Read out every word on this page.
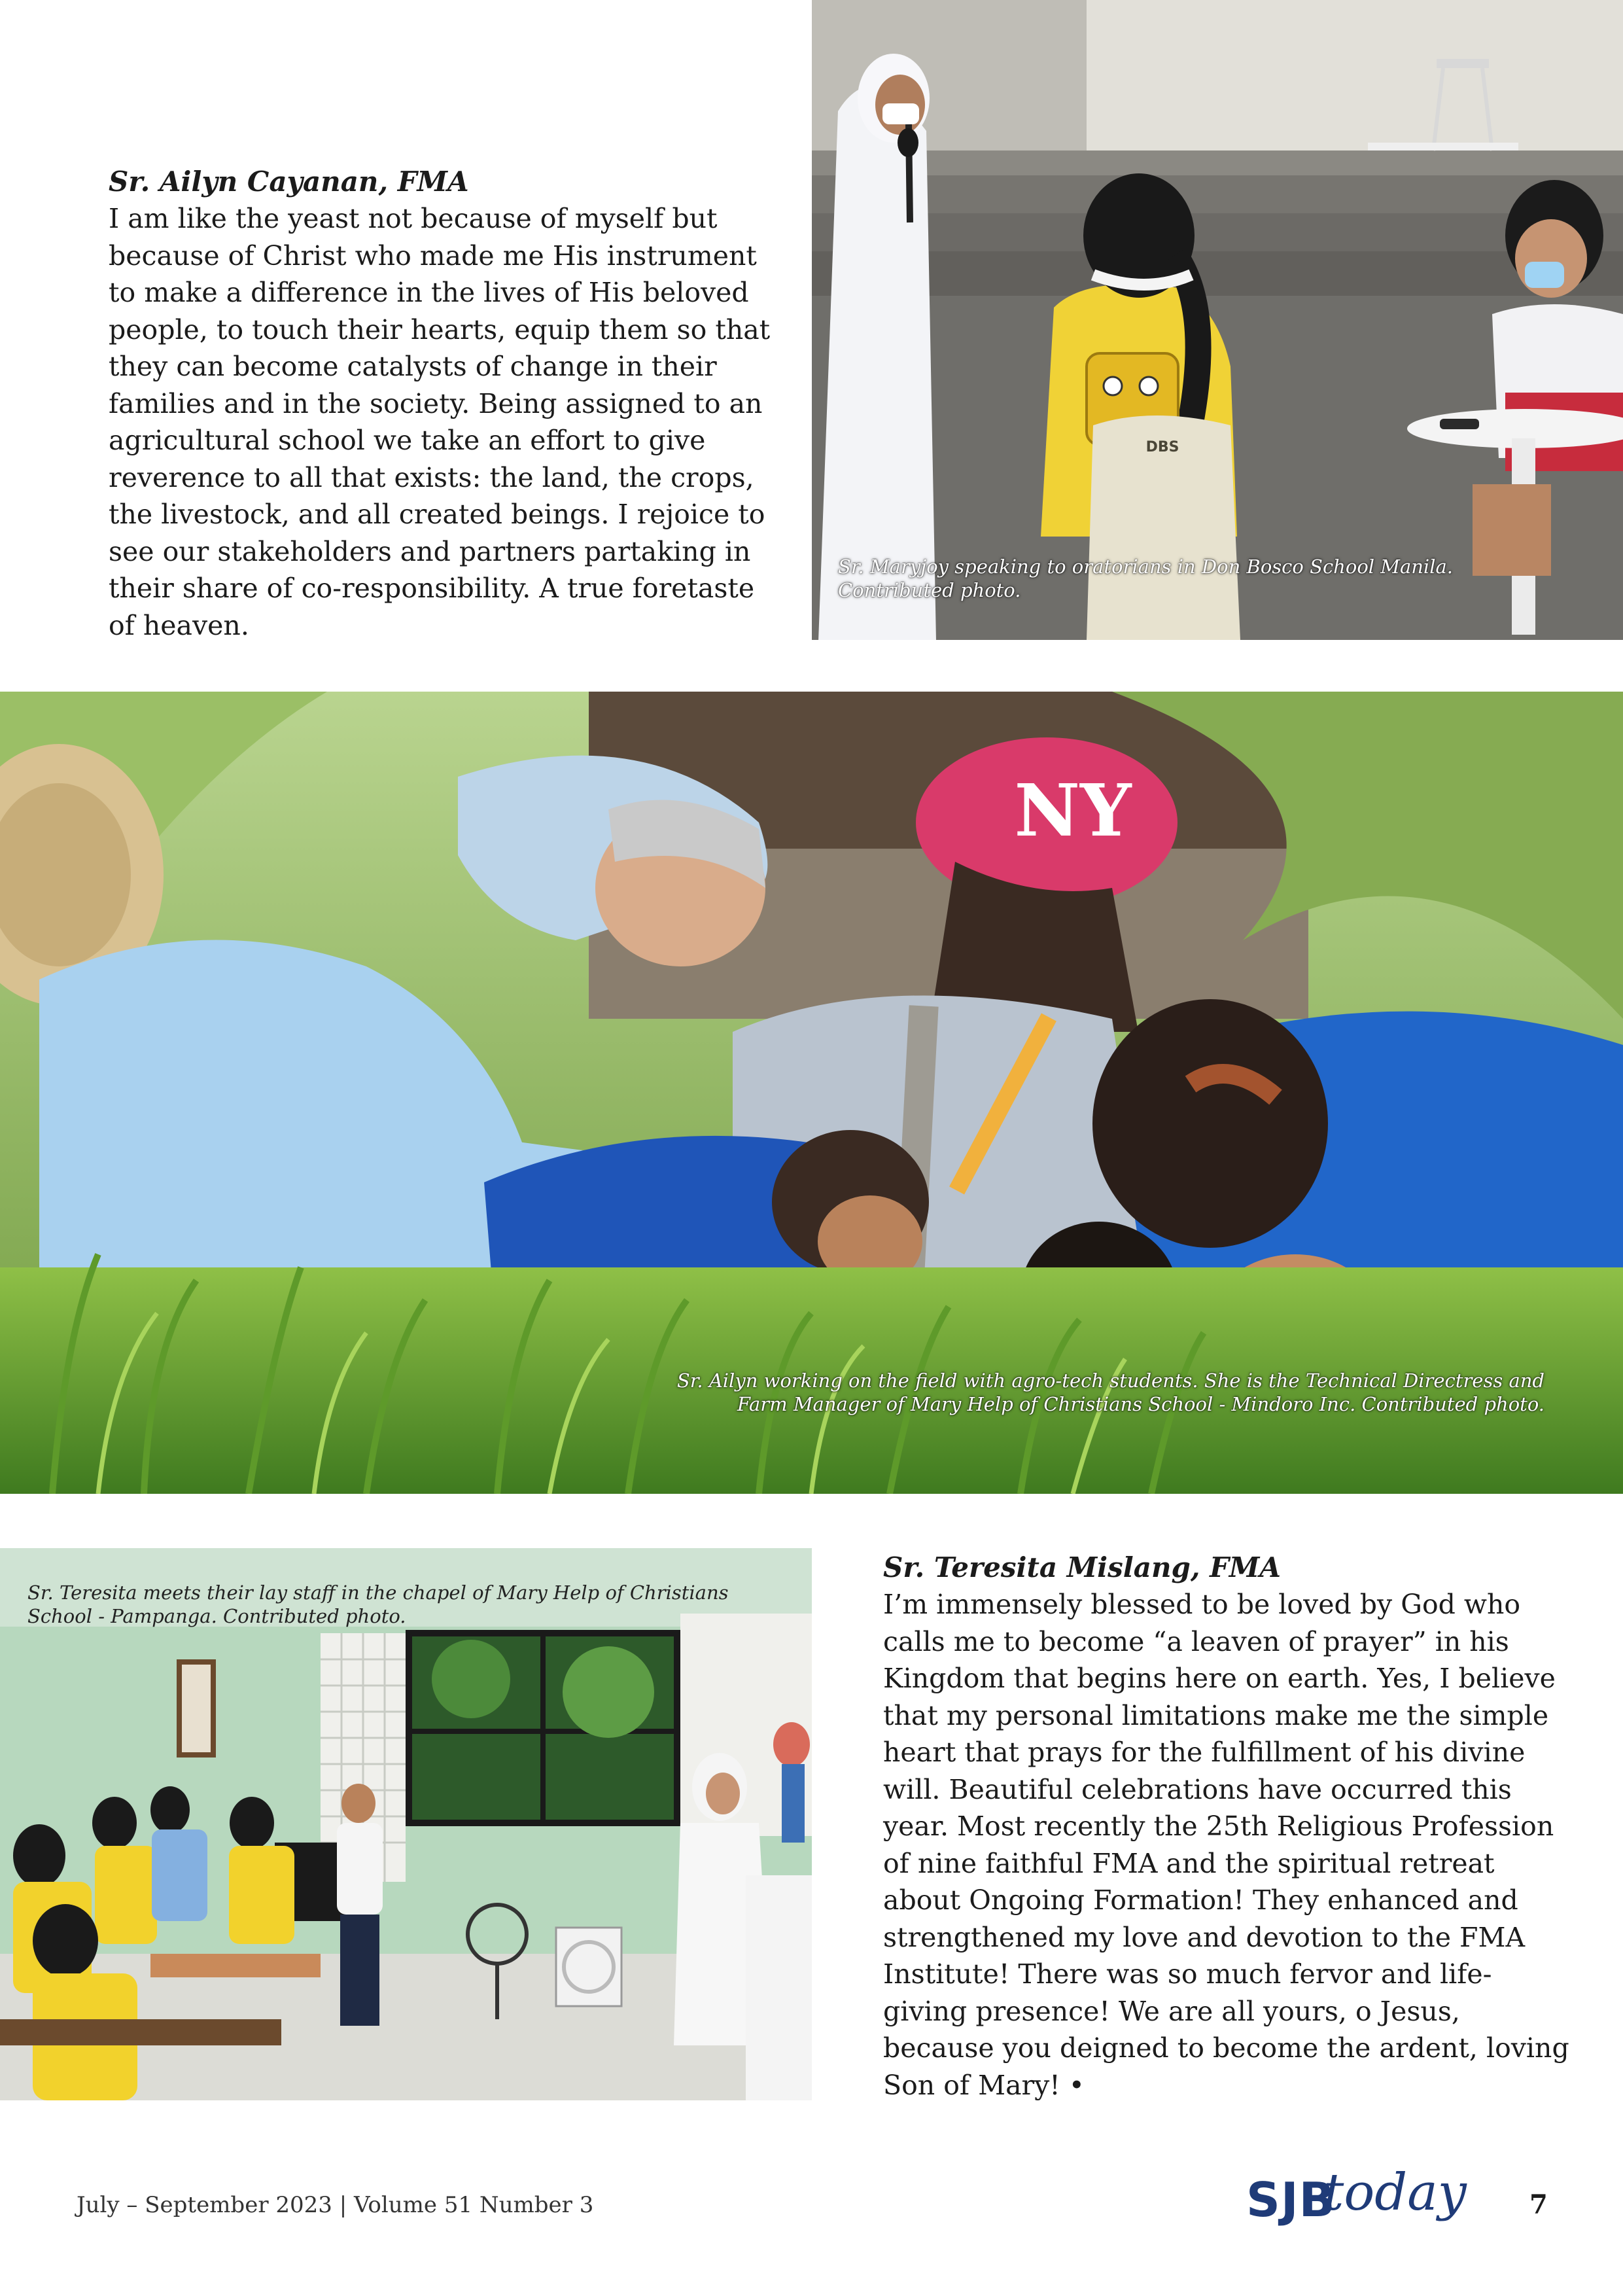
Sr. Ailyn Cayanan, FMA

I am like the yeast not because of myself but
because of Christ who made me His instrument
to make a difference in the lives of His beloved
people, to touch their hearts, equip them so that
they can become catalysts of change in their
families and in the society. Being assigned to an
agricultural school we take an effort to give
reverence to all that exists: the land, the crops,
the livestock, and all created beings. I rejoice to
see our stakeholders and partners partaking in
their share of co-responsibility. A true foretaste
of heaven.

DBS
Sr. Maryjoy speaking to oratorians in Don Bosco School Manila.
Contributed photo.
NY
Sr. Ailyn working on the field with agro-tech students. She is the Technical Directress and
Farm Manager of Mary Help of Christians School - Mindoro Inc. Contributed photo.
Sr. Teresita meets their lay staff in the chapel of Mary Help of Christians
School - Pampanga. Contributed photo.

Sr. Teresita Mislang, FMA

I’m immensely blessed to be loved by God who
calls me to become “a leaven of prayer” in his
Kingdom that begins here on earth. Yes, I believe
that my personal limitations make me the simple
heart that prays for the fulfillment of his divine
will. Beautiful celebrations have occurred this
year. Most recently the 25th Religious Profession
of nine faithful FMA and the spiritual retreat
about Ongoing Formation! They enhanced and
strengthened my love and devotion to the FMA
Institute! There was so much fervor and life-
giving presence! We are all yours, o Jesus,
because you deigned to become the ardent, loving
Son of Mary! •

July – September 2023 | Volume 51 Number 3	SJB
today 7
